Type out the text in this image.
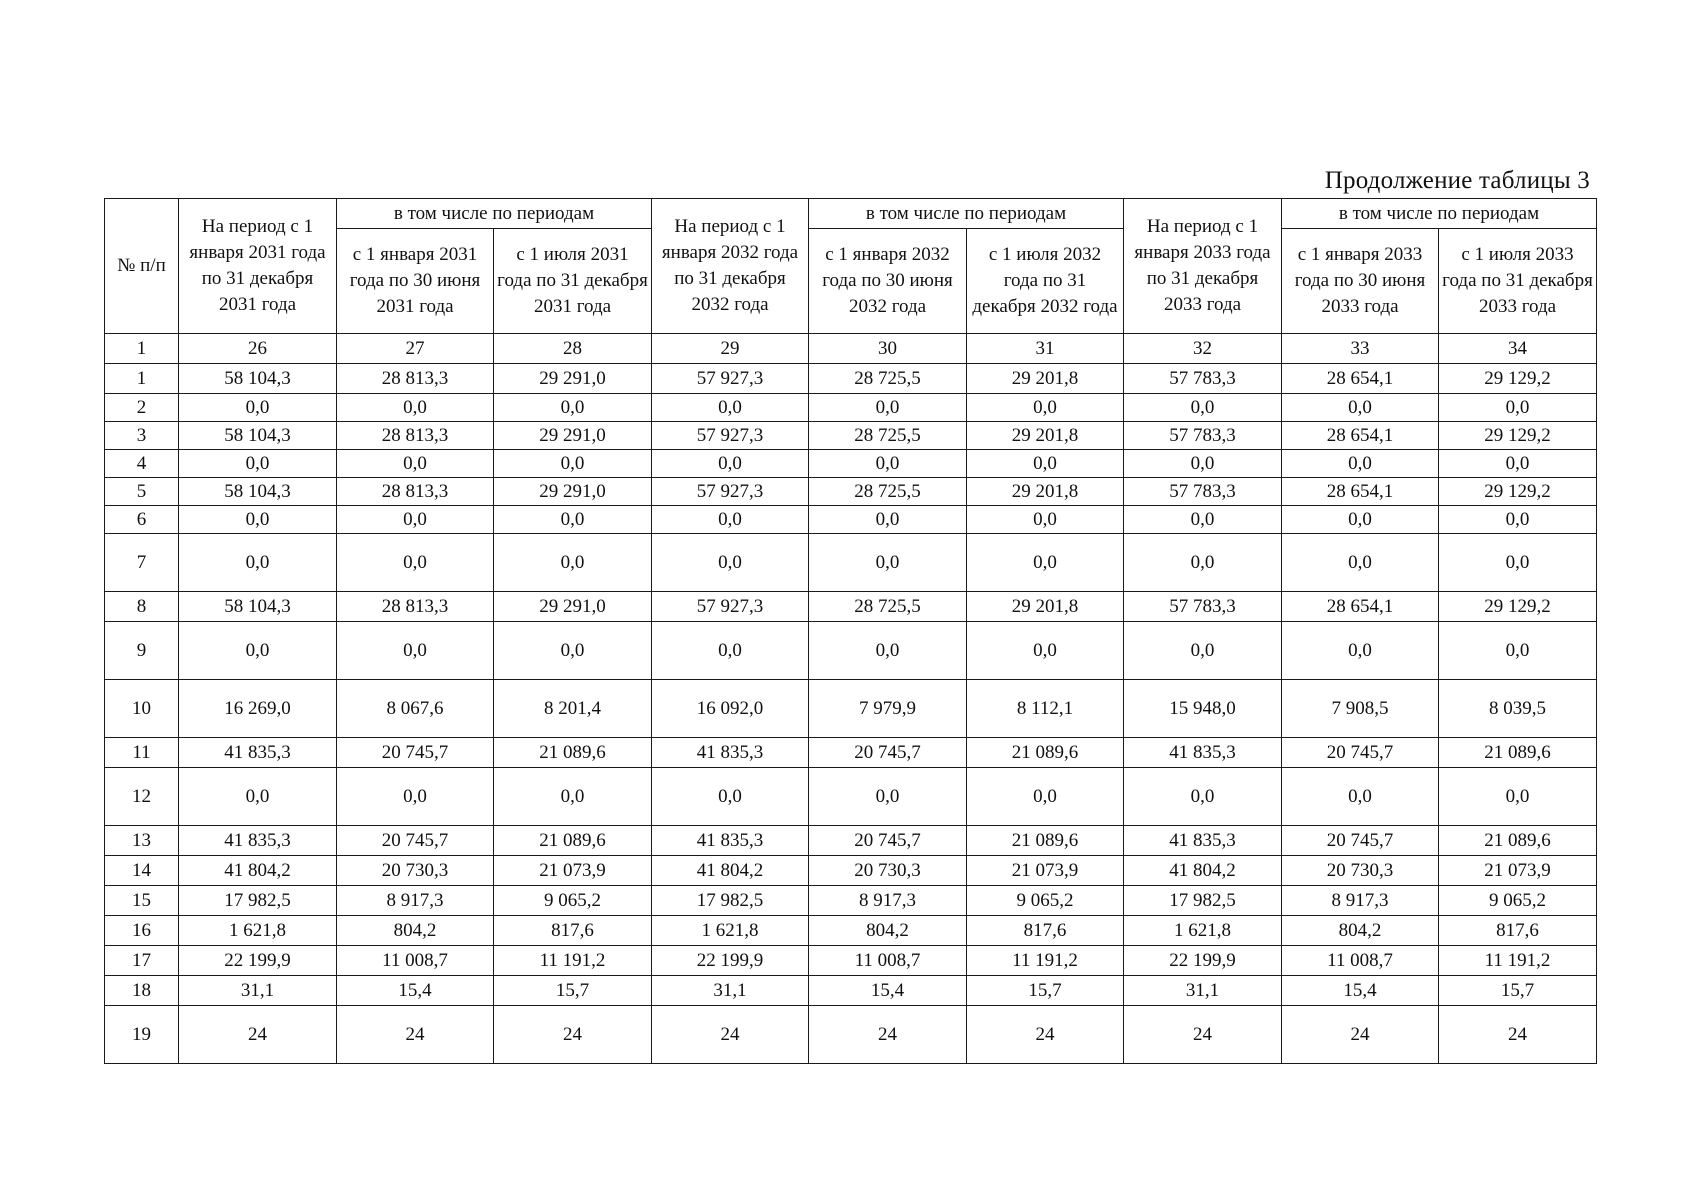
Продолжение таблицы 3
№ п/п	На период с 1 января 2031 года по 31 декабря 2031 года	в том числе по периодам		На период с 1 января 2032 года по 31 декабря 2032 года	в том числе по периодам		На период с 1 января 2033 года по 31 декабря 2033 года	в том числе по периодам	
		с 1 января 2031 года по 30 июня 2031 года	с 1 июля 2031 года по 31 декабря 2031 года		с 1 января 2032 года по 30 июня 2032 года	с 1 июля 2032 года по 31 декабря 2032 года		с 1 января 2033 года по 30 июня 2033 года	с 1 июля 2033 года по 31 декабря 2033 года
1	26	27	28	29	30	31	32	33	34
1	58 104,3	28 813,3	29 291,0	57 927,3	28 725,5	29 201,8	57 783,3	28 654,1	29 129,2
2	0,0	0,0	0,0	0,0	0,0	0,0	0,0	0,0	0,0
3	58 104,3	28 813,3	29 291,0	57 927,3	28 725,5	29 201,8	57 783,3	28 654,1	29 129,2
4	0,0	0,0	0,0	0,0	0,0	0,0	0,0	0,0	0,0
5	58 104,3	28 813,3	29 291,0	57 927,3	28 725,5	29 201,8	57 783,3	28 654,1	29 129,2
6	0,0	0,0	0,0	0,0	0,0	0,0	0,0	0,0	0,0
7	0,0	0,0	0,0	0,0	0,0	0,0	0,0	0,0	0,0
8	58 104,3	28 813,3	29 291,0	57 927,3	28 725,5	29 201,8	57 783,3	28 654,1	29 129,2
9	0,0	0,0	0,0	0,0	0,0	0,0	0,0	0,0	0,0
10	16 269,0	8 067,6	8 201,4	16 092,0	7 979,9	8 112,1	15 948,0	7 908,5	8 039,5
11	41 835,3	20 745,7	21 089,6	41 835,3	20 745,7	21 089,6	41 835,3	20 745,7	21 089,6
12	0,0	0,0	0,0	0,0	0,0	0,0	0,0	0,0	0,0
13	41 835,3	20 745,7	21 089,6	41 835,3	20 745,7	21 089,6	41 835,3	20 745,7	21 089,6
14	41 804,2	20 730,3	21 073,9	41 804,2	20 730,3	21 073,9	41 804,2	20 730,3	21 073,9
15	17 982,5	8 917,3	9 065,2	17 982,5	8 917,3	9 065,2	17 982,5	8 917,3	9 065,2
16	1 621,8	804,2	817,6	1 621,8	804,2	817,6	1 621,8	804,2	817,6
17	22 199,9	11 008,7	11 191,2	22 199,9	11 008,7	11 191,2	22 199,9	11 008,7	11 191,2
18	31,1	15,4	15,7	31,1	15,4	15,7	31,1	15,4	15,7
19	24	24	24	24	24	24	24	24	24
